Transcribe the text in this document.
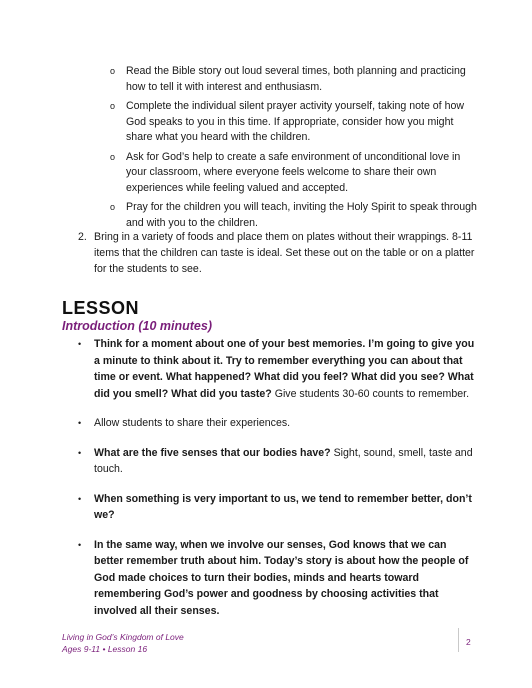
o Read the Bible story out loud several times, both planning and practicing how to tell it with interest and enthusiasm.
o Complete the individual silent prayer activity yourself, taking note of how God speaks to you in this time. If appropriate, consider how you might share what you heard with the children.
o Ask for God’s help to create a safe environment of unconditional love in your classroom, where everyone feels welcome to share their own experiences while feeling valued and accepted.
o Pray for the children you will teach, inviting the Holy Spirit to speak through and with you to the children.
2. Bring in a variety of foods and place them on plates without their wrappings. 8-11 items that the children can taste is ideal. Set these out on the table or on a platter for the students to see.
LESSON
Introduction (10 minutes)
• Think for a moment about one of your best memories. I’m going to give you a minute to think about it. Try to remember everything you can about that time or event. What happened? What did you feel? What did you see? What did you smell? What did you taste? Give students 30-60 counts to remember.
• Allow students to share their experiences.
• What are the five senses that our bodies have? Sight, sound, smell, taste and touch.
• When something is very important to us, we tend to remember better, don’t we?
• In the same way, when we involve our senses, God knows that we can better remember truth about him. Today’s story is about how the people of God made choices to turn their bodies, minds and hearts toward remembering God’s power and goodness by choosing activities that involved all their senses.
Living in God’s Kingdom of Love
Ages 9-11 • Lesson 16
2
